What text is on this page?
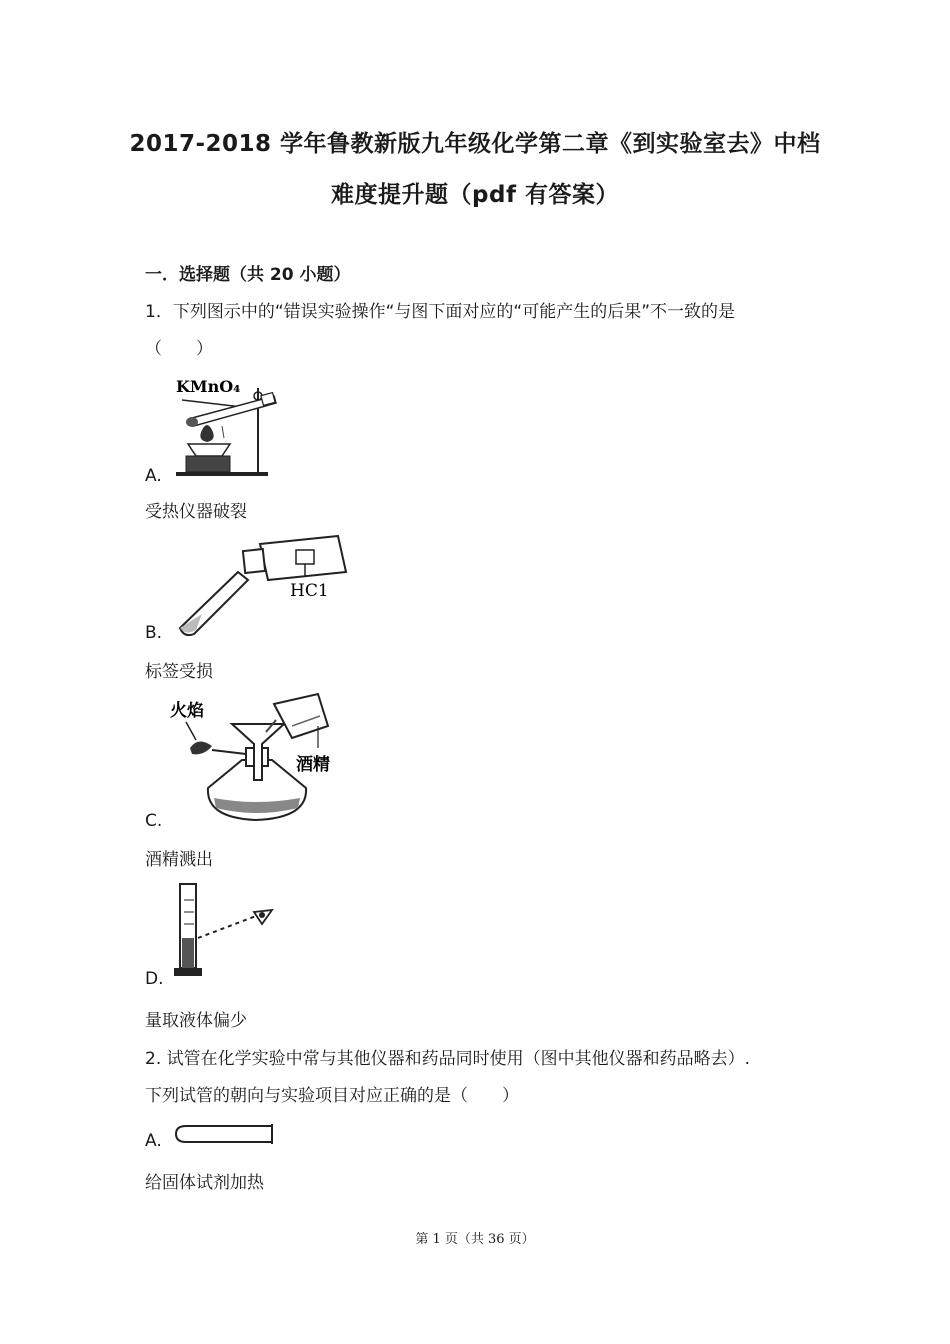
2017-2018 学年鲁教新版九年级化学第二章《到实验室去》中档
难度提升题（pdf 有答案）
一．选择题（共 20 小题）
1．下列图示中的“错误实验操作“与图下面对应的“可能产生的后果”不一致的是
（　　）
KMnO₄
A.
受热仪器破裂
HC1
B.
标签受损
火焰
酒精
C.
酒精溅出
D.
量取液体偏少
2. 试管在化学实验中常与其他仪器和药品同时使用（图中其他仪器和药品略去）.
下列试管的朝向与实验项目对应正确的是（　　）
A.
给固体试剂加热
第 1 页（共 36 页）
